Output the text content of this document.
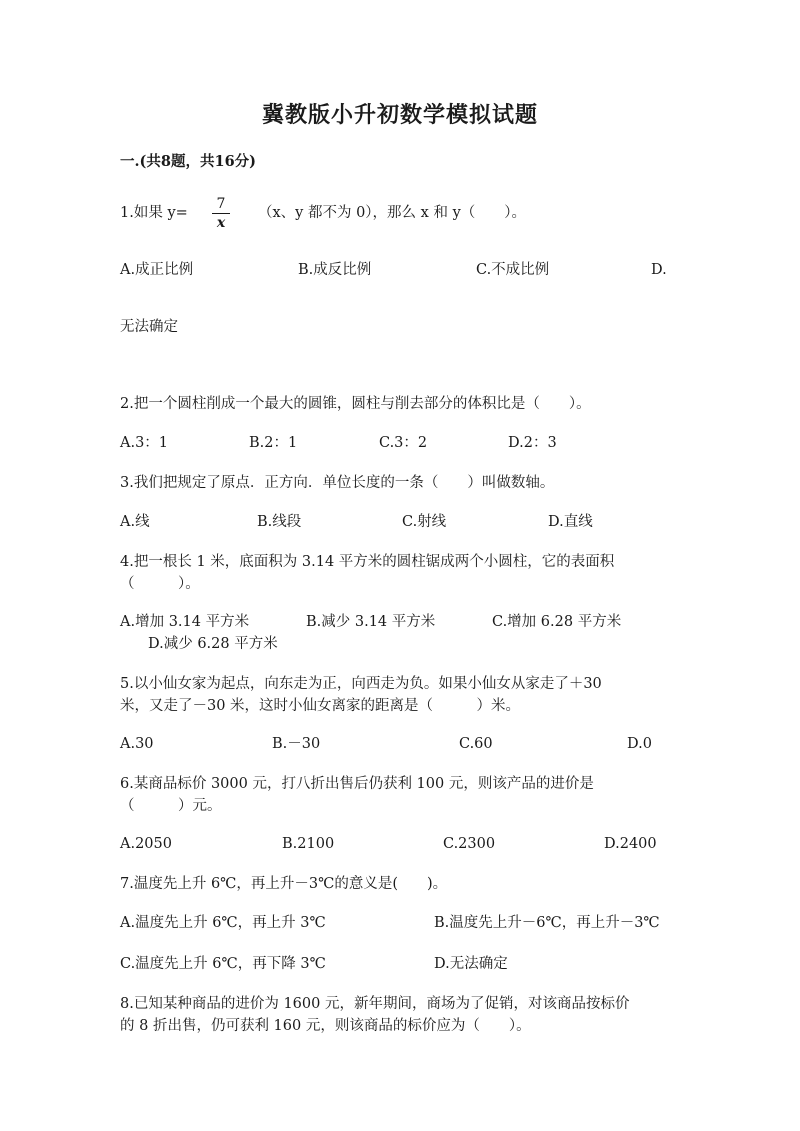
冀教版小升初数学模拟试题
一.(共8题，共16分)
1.如果 y=
7
x
（x、y 都不为 0），那么 x 和 y（　　）。
A.成正比例	B.成反比例	C.不成比例	D.
无法确定
2.把一个圆柱削成一个最大的圆锥，圆柱与削去部分的体积比是（　　）。
A.3：1	B.2：1	C.3：2	D.2：3
3.我们把规定了原点．正方向．单位长度的一条（　　）叫做数轴。
A.线	B.线段	C.射线	D.直线
4.把一根长 1 米，底面积为 3.14 平方米的圆柱锯成两个小圆柱，它的表面积
（　　　）。
A.增加 3.14 平方米	B.减少 3.14 平方米	C.增加 6.28 平方米
D.减少 6.28 平方米
5.以小仙女家为起点，向东走为正，向西走为负。如果小仙女从家走了＋30
米，又走了－30 米，这时小仙女离家的距离是（　　　）米。
A.30	B.－30	C.60	D.0
6.某商品标价 3000 元，打八折出售后仍获利 100 元，则该产品的进价是
（　　　）元。
A.2050	B.2100	C.2300	D.2400
7.温度先上升 6℃，再上升－3℃的意义是(　　)。
A.温度先上升 6℃，再上升 3℃	B.温度先上升－6℃，再上升－3℃
C.温度先上升 6℃，再下降 3℃	D.无法确定
8.已知某种商品的进价为 1600 元，新年期间，商场为了促销，对该商品按标价
的 8 折出售，仍可获利 160 元，则该商品的标价应为（　　）。
